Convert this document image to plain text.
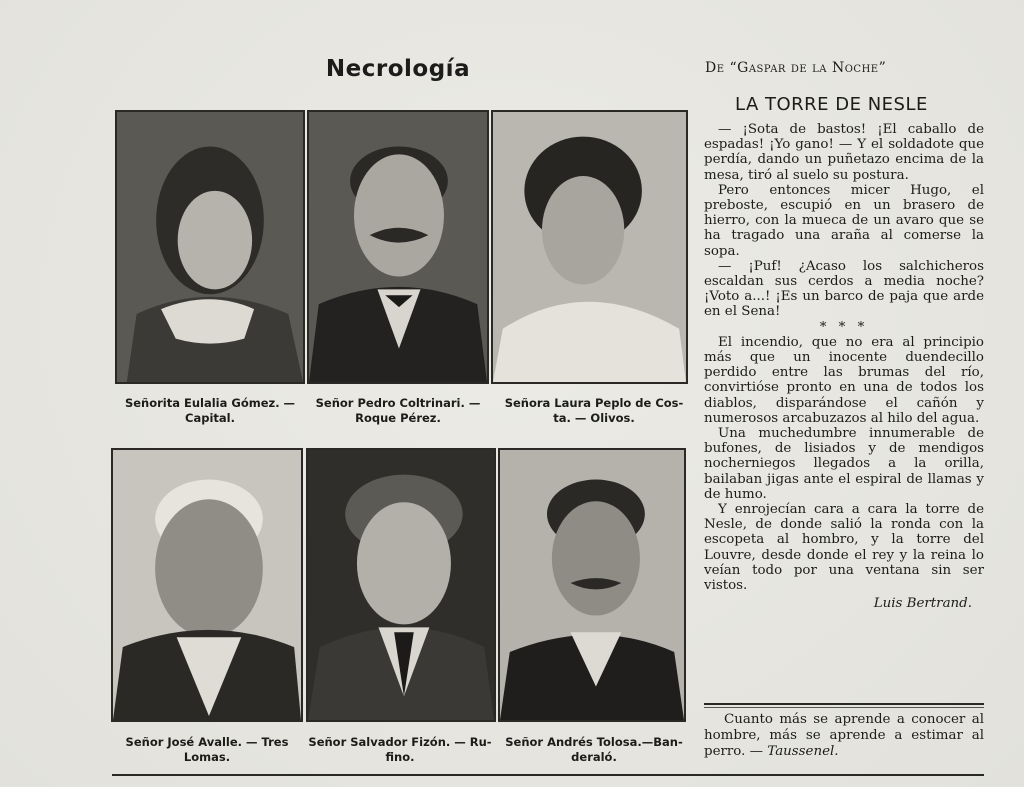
Necrología
Señorita Eulalia Gómez. —
Capital.
Señor Pedro Coltrinari. —
Roque Pérez.
Señora Laura Peplo de Cos-
ta. — Olivos.
Señor José Avalle. — Tres
Lomas.
Señor Salvador Fizón. — Ru-
fino.
Señor Andrés Tolosa.—Ban-
deraló.
De “Gaspar de la Noche”
LA TORRE DE NESLE

— ¡Sota de bastos! ¡El caballo de espadas! ¡Yo gano! — Y el soldadote que perdía, dando un puñetazo encima de la mesa, tiró al suelo su postura.

Pero entonces micer Hugo, el preboste, escupió en un brasero de hierro, con la mueca de un avaro que se ha tragado una araña al comerse la sopa.

— ¡Puf! ¿Acaso los salchicheros escaldan sus cerdos a media noche? ¡Voto a...! ¡Es un barco de paja que arde en el Sena!

* * *

El incendio, que no era al principio más que un inocente duendecillo perdido entre las brumas del río, convirtióse pronto en una de todos los diablos, disparándose el cañón y numerosos arcabuzazos al hilo del agua.

Una muchedumbre innumerable de bufones, de lisiados y de mendigos nocherniegos llegados a la orilla, bailaban jigas ante el espiral de llamas y de humo.

Y enrojecían cara a cara la torre de Nesle, de donde salió la ronda con la escopeta al hombro, y la torre del Louvre, desde donde el rey y la reina lo veían todo por una ventana sin ser vistos.

Luis Bertrand.

Cuanto más se aprende a conocer al hombre, más se aprende a estimar al perro. — Taussenel.
